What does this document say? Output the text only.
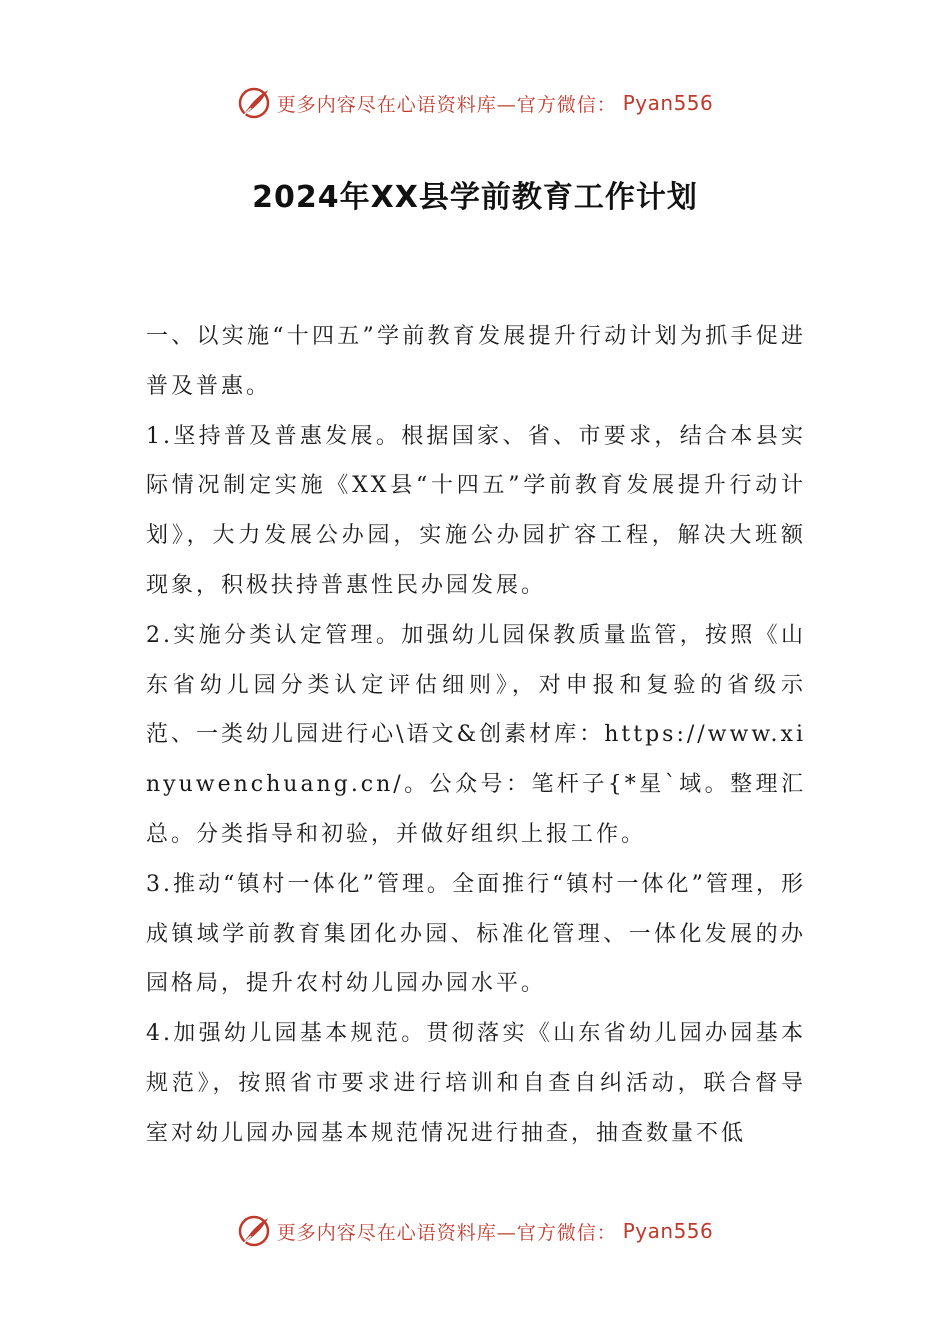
更多内容尽在心语资料库—官方微信： Pyan556
2024年XX县学前教育工作计划

一、以实施“十四五”学前教育发展提升行动计划为抓手促进普及普惠。

1.坚持普及普惠发展。根据国家、省、市要求，结合本县实际情况制定实施《XX县“十四五”学前教育发展提升行动计划》，大力发展公办园，实施公办园扩容工程，解决大班额现象，积极扶持普惠性民办园发展。

2.实施分类认定管理。加强幼儿园保教质量监管，按照《山东省幼儿园分类认定评估细则》，对申报和复验的省级示范、一类幼儿园进行心\语文&创素材库：https://www.xinyuwenchuang.cn/。公众号：笔杆子{*星`域。整理汇总。分类指导和初验，并做好组织上报工作。

3.推动“镇村一体化”管理。全面推行“镇村一体化”管理，形成镇域学前教育集团化办园、标准化管理、一体化发展的办园格局，提升农村幼儿园办园水平。

4.加强幼儿园基本规范。贯彻落实《山东省幼儿园办园基本规范》，按照省市要求进行培训和自查自纠活动，联合督导室对幼儿园办园基本规范情况进行抽查，抽查数量不低

更多内容尽在心语资料库—官方微信： Pyan556
